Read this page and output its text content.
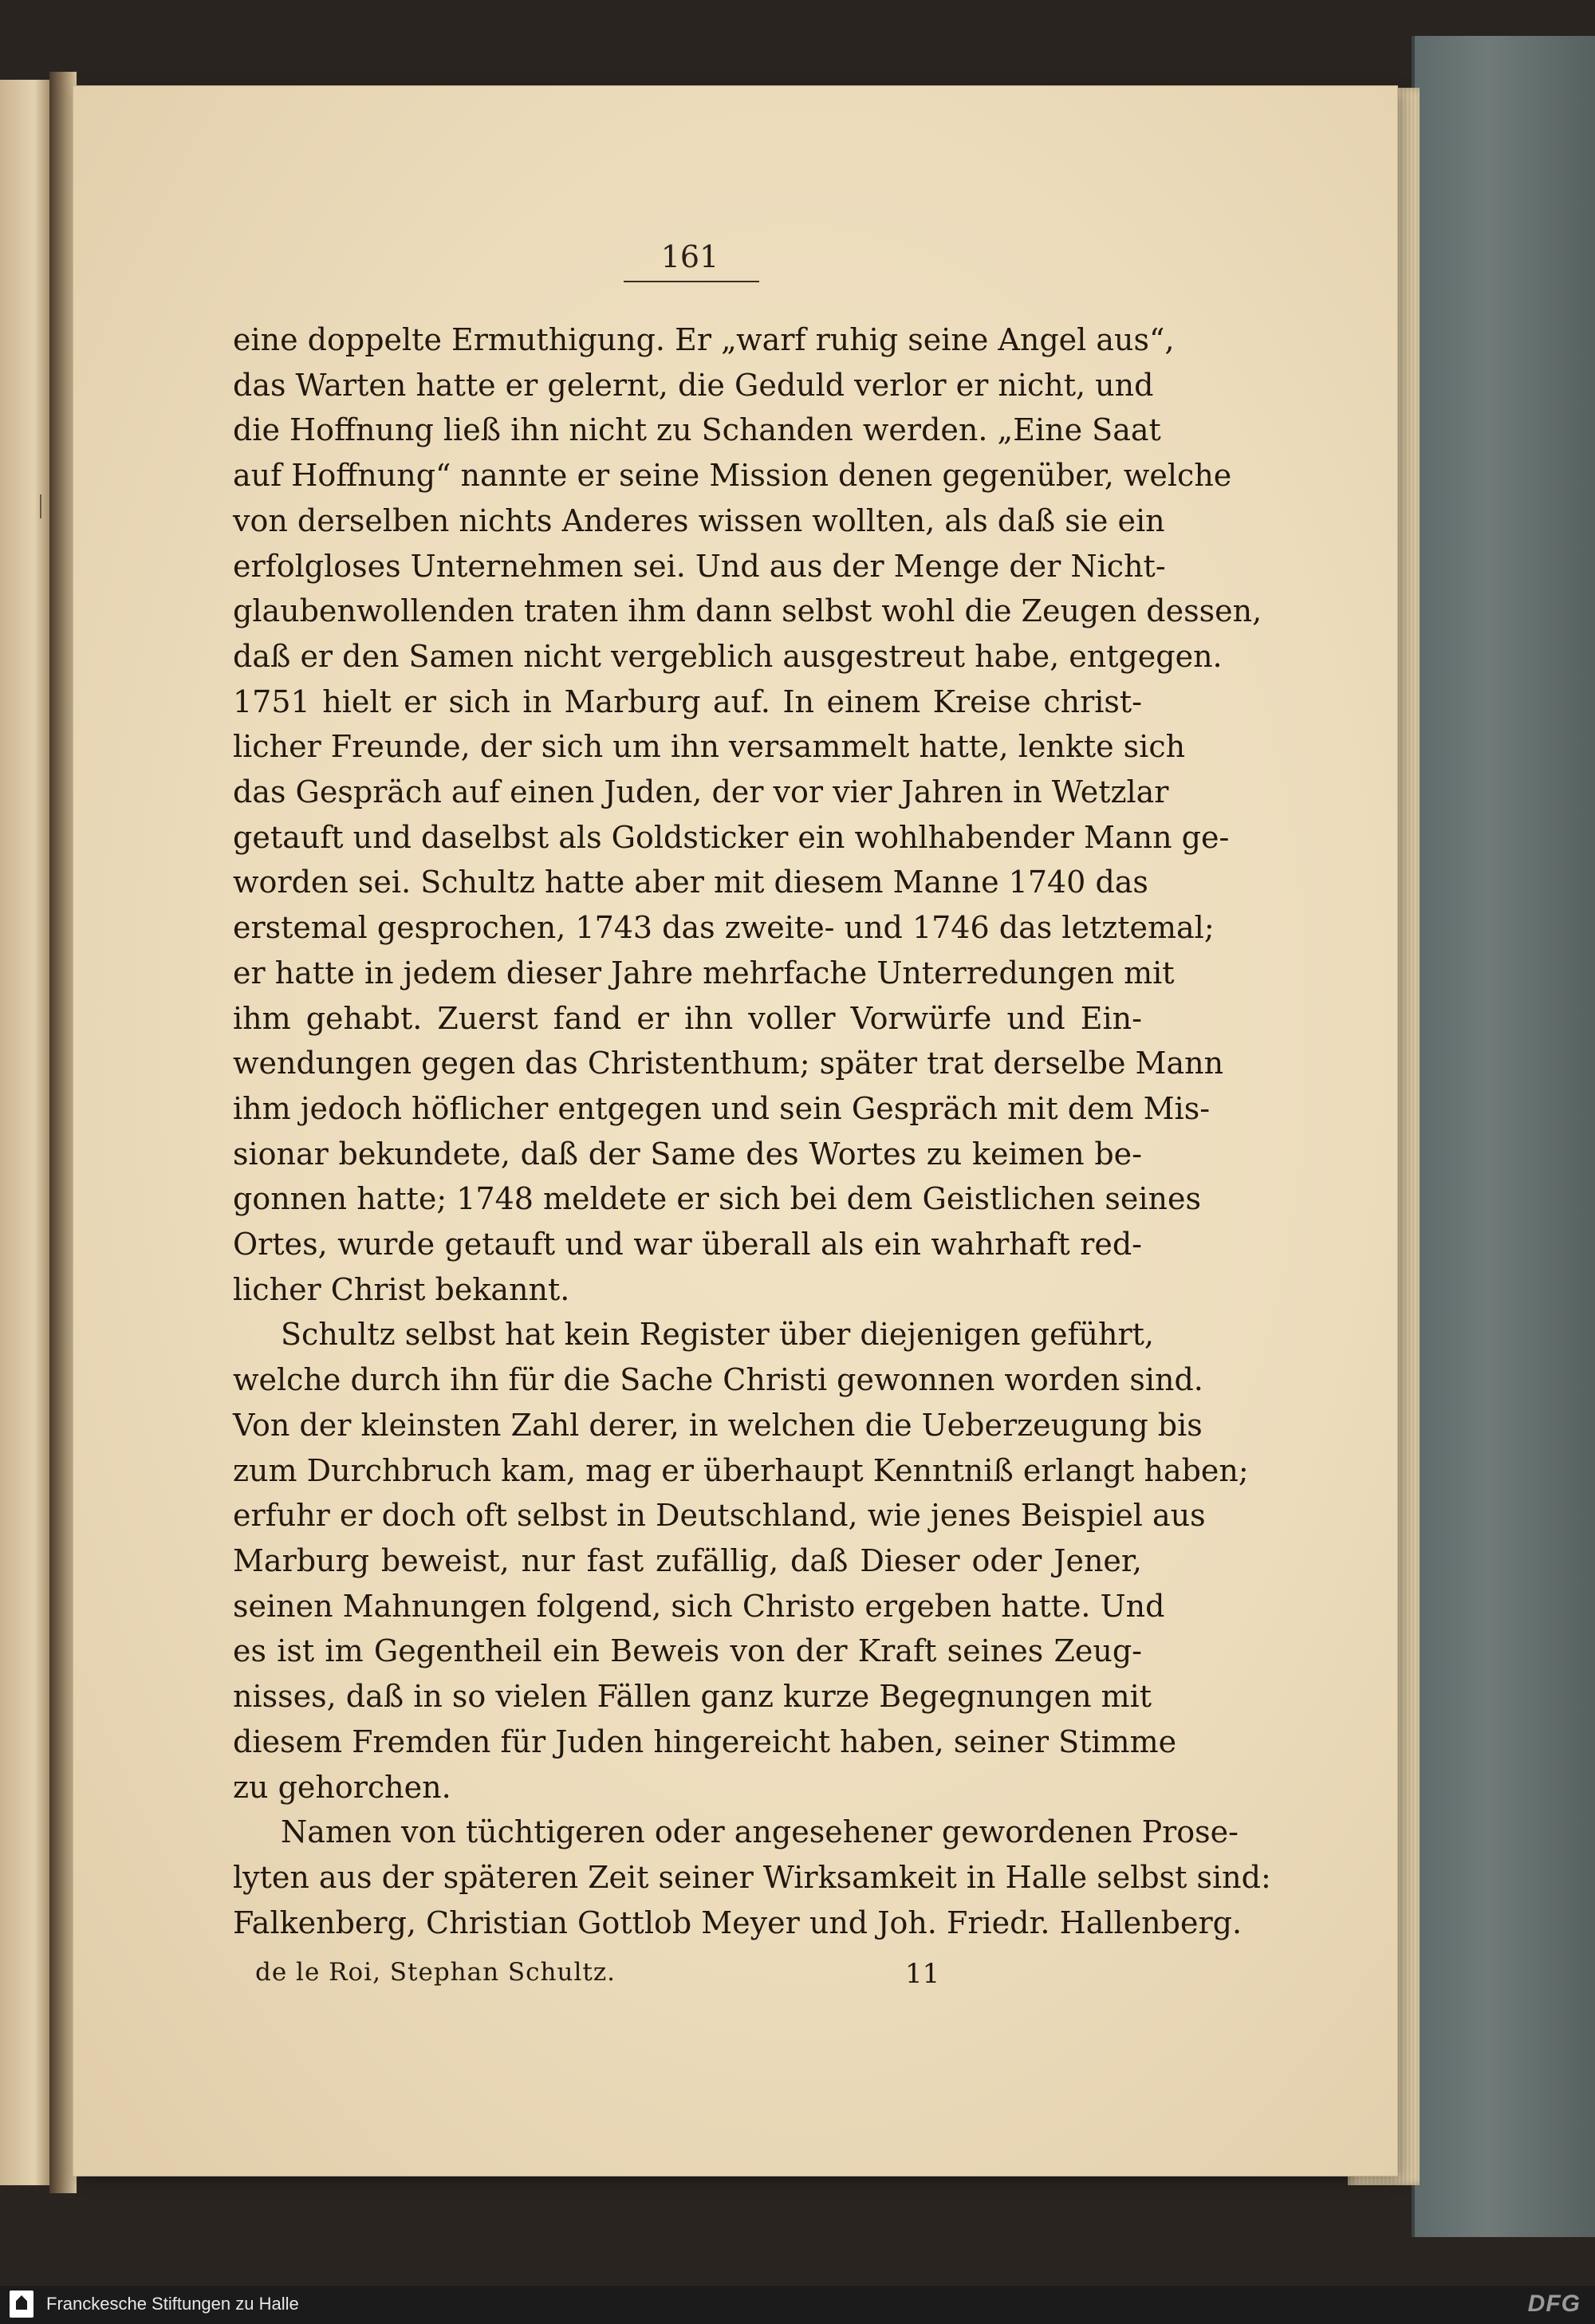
161
eine doppelte Ermuthigung. Er „warf ruhig seine Angel aus“,
das Warten hatte er gelernt, die Geduld verlor er nicht, und
die Hoffnung ließ ihn nicht zu Schanden werden. „Eine Saat
auf Hoffnung“ nannte er seine Mission denen gegenüber, welche
von derselben nichts Anderes wissen wollten, als daß sie ein
erfolgloses Unternehmen sei. Und aus der Menge der Nicht-
glaubenwollenden traten ihm dann selbst wohl die Zeugen dessen,
daß er den Samen nicht vergeblich ausgestreut habe, entgegen.
1751 hielt er sich in Marburg auf. In einem Kreise christ-
licher Freunde, der sich um ihn versammelt hatte, lenkte sich
das Gespräch auf einen Juden, der vor vier Jahren in Wetzlar
getauft und daselbst als Goldsticker ein wohlhabender Mann ge-
worden sei. Schultz hatte aber mit diesem Manne 1740 das
erstemal gesprochen, 1743 das zweite- und 1746 das letztemal;
er hatte in jedem dieser Jahre mehrfache Unterredungen mit
ihm gehabt. Zuerst fand er ihn voller Vorwürfe und Ein-
wendungen gegen das Christenthum; später trat derselbe Mann
ihm jedoch höflicher entgegen und sein Gespräch mit dem Mis-
sionar bekundete, daß der Same des Wortes zu keimen be-
gonnen hatte; 1748 meldete er sich bei dem Geistlichen seines
Ortes, wurde getauft und war überall als ein wahrhaft red-
licher Christ bekannt.
Schultz selbst hat kein Register über diejenigen geführt,
welche durch ihn für die Sache Christi gewonnen worden sind.
Von der kleinsten Zahl derer, in welchen die Ueberzeugung bis
zum Durchbruch kam, mag er überhaupt Kenntniß erlangt haben;
erfuhr er doch oft selbst in Deutschland, wie jenes Beispiel aus
Marburg beweist, nur fast zufällig, daß Dieser oder Jener,
seinen Mahnungen folgend, sich Christo ergeben hatte. Und
es ist im Gegentheil ein Beweis von der Kraft seines Zeug-
nisses, daß in so vielen Fällen ganz kurze Begegnungen mit
diesem Fremden für Juden hingereicht haben, seiner Stimme
zu gehorchen.
Namen von tüchtigeren oder angesehener gewordenen Prose-
lyten aus der späteren Zeit seiner Wirksamkeit in Halle selbst sind:
Falkenberg, Christian Gottlob Meyer und Joh. Friedr. Hallenberg.
de le Roi, Stephan Schultz.	11
Franckesche Stiftungen zu Halle	DFG
